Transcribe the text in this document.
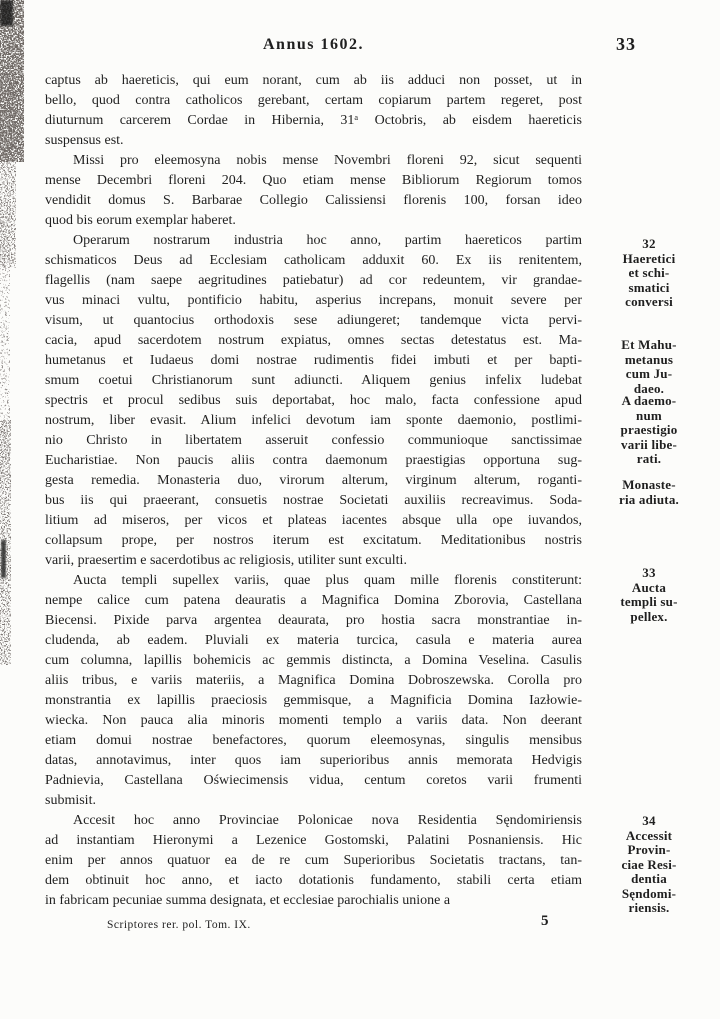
Annus 1602.	33
captus ab haereticis, qui eum norant, cum ab iis adduci non posset, ut in
bello, quod contra catholicos gerebant, certam copiarum partem regeret, post
diuturnum carcerem Cordae in Hibernia, 31ᵃ Octobris, ab eisdem haereticis
suspensus est.
Missi pro eleemosyna nobis mense Novembri floreni 92, sicut sequenti
mense Decembri floreni 204. Quo etiam mense Bibliorum Regiorum tomos
vendidit domus S. Barbarae Collegio Calissiensi florenis 100, forsan ideo
quod bis eorum exemplar haberet.
Operarum nostrarum industria hoc anno, partim haereticos partim
schismaticos Deus ad Ecclesiam catholicam adduxit 60. Ex iis renitentem,
flagellis (nam saepe aegritudines patiebatur) ad cor redeuntem, vir grandae-
vus minaci vultu, pontificio habitu, asperius increpans, monuit severe per
visum, ut quantocius orthodoxis sese adiungeret; tandemque victa pervi-
cacia, apud sacerdotem nostrum expiatus, omnes sectas detestatus est. Ma-
humetanus et Iudaeus domi nostrae rudimentis fidei imbuti et per bapti-
smum coetui Christianorum sunt adiuncti. Aliquem genius infelix ludebat
spectris et procul sedibus suis deportabat, hoc malo, facta confessione apud
nostrum, liber evasit. Alium infelici devotum iam sponte daemonio, postlimi-
nio Christo in libertatem asseruit confessio communioque sanctissimae
Eucharistiae. Non paucis aliis contra daemonum praestigias opportuna sug-
gesta remedia. Monasteria duo, virorum alterum, virginum alterum, roganti-
bus iis qui praeerant, consuetis nostrae Societati auxiliis recreavimus. Soda-
litium ad miseros, per vicos et plateas iacentes absque ulla ope iuvandos,
collapsum prope, per nostros iterum est excitatum. Meditationibus nostris
varii, praesertim e sacerdotibus ac religiosis, utiliter sunt exculti.
Aucta templi supellex variis, quae plus quam mille florenis constiterunt:
nempe calice cum patena deauratis a Magnifica Domina Zborovia, Castellana
Biecensi. Pixide parva argentea deaurata, pro hostia sacra monstrantiae in-
cludenda, ab eadem. Pluviali ex materia turcica, casula e materia aurea
cum columna, lapillis bohemicis ac gemmis distincta, a Domina Veselina. Casulis
aliis tribus, e variis materiis, a Magnifica Domina Dobroszewska. Corolla pro
monstrantia ex lapillis praeciosis gemmisque, a Magnificia Domina Iazłowie-
wiecka. Non pauca alia minoris momenti templo a variis data. Non deerant
etiam domui nostrae benefactores, quorum eleemosynas, singulis mensibus
datas, annotavimus, inter quos iam superioribus annis memorata Hedvigis
Padnievia, Castellana Oświecimensis vidua, centum coretos varii frumenti
submisit.
Accesit hoc anno Provinciae Polonicae nova Residentia Sęndomiriensis
ad instantiam Hieronymi a Lezenice Gostomski, Palatini Posnaniensis. Hic
enim per annos quatuor ea de re cum Superioribus Societatis tractans, tan-
dem obtinuit hoc anno, et iacto dotationis fundamento, stabili certa etiam
in fabricam pecuniae summa designata, et ecclesiae parochialis unione a
32
Haeretici
et schi-
smatici
conversi
Et Mahu-
metanus
cum Ju-
daeo.
A daemo-
num
praestigio
varii libe-
rati.
Monaste-
ria adiuta.
33
Aucta
templi su-
pellex.
34
Accessit
Provin-
ciae Resi-
dentia
Sęndomi-
riensis.
Scriptores rer. pol. Tom. IX.	5
